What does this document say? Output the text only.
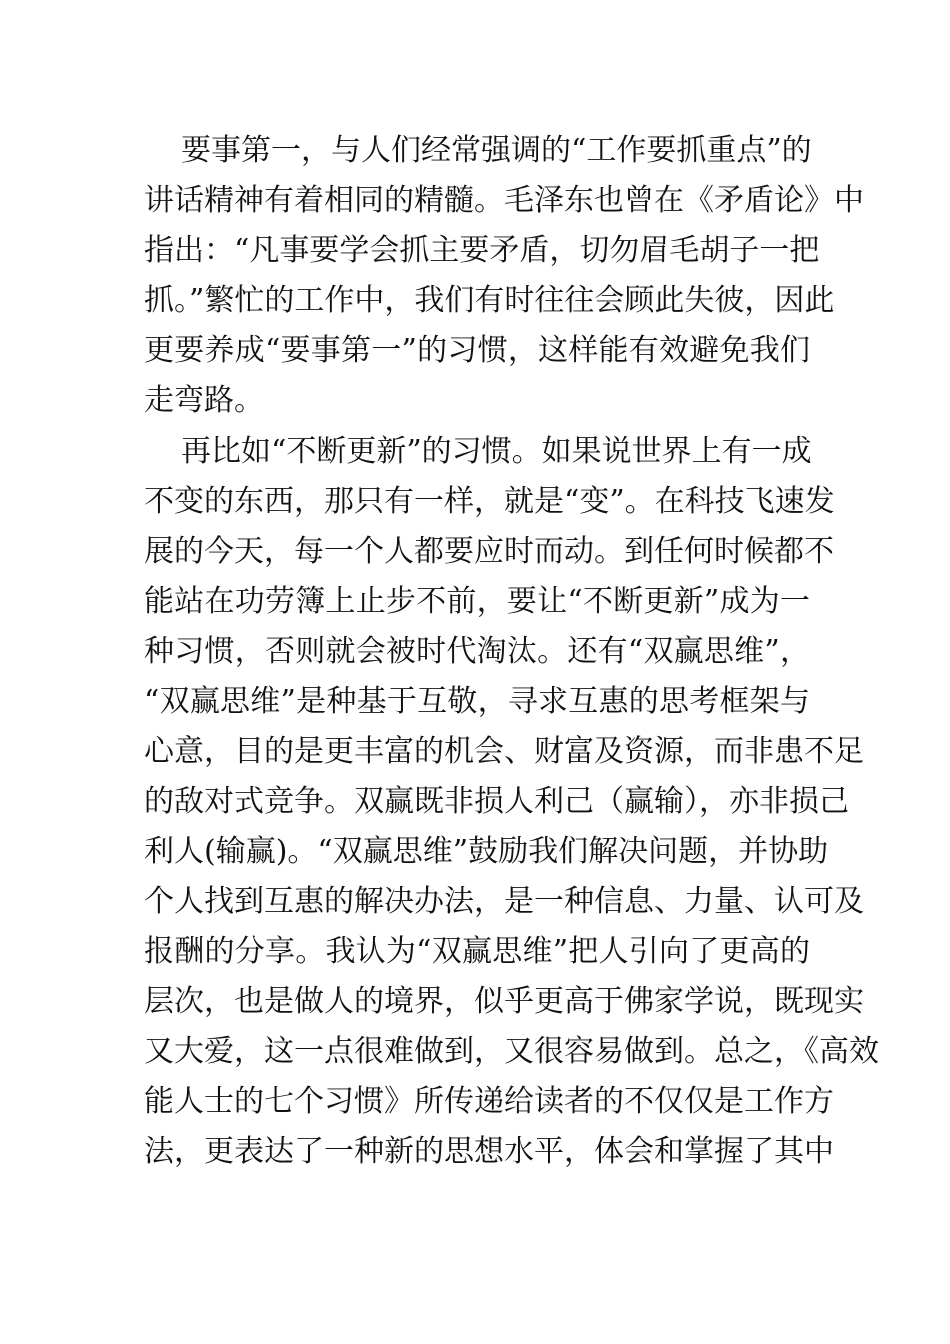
要事第一，与人们经常强调的“工作要抓重点”的
讲话精神有着相同的精髓。毛泽东也曾在《矛盾论》中
指出：“凡事要学会抓主要矛盾，切勿眉毛胡子一把
抓。”繁忙的工作中，我们有时往往会顾此失彼，因此
更要养成“要事第一”的习惯，这样能有效避免我们
走弯路。
再比如“不断更新”的习惯。如果说世界上有一成
不变的东西，那只有一样，就是“变”。在科技飞速发
展的今天，每一个人都要应时而动。到任何时候都不
能站在功劳簿上止步不前，要让“不断更新”成为一
种习惯，否则就会被时代淘汰。还有“双赢思维”，
“双赢思维”是种基于互敬，寻求互惠的思考框架与
心意，目的是更丰富的机会、财富及资源，而非患不足
的敌对式竞争。双赢既非损人利己（赢输），亦非损己
利人(输赢)。“双赢思维”鼓励我们解决问题，并协助
个人找到互惠的解决办法，是一种信息、力量、认可及
报酬的分享。我认为“双赢思维”把人引向了更高的
层次，也是做人的境界，似乎更高于佛家学说，既现实
又大爱，这一点很难做到，又很容易做到。总之，《高效
能人士的七个习惯》所传递给读者的不仅仅是工作方
法，更表达了一种新的思想水平，体会和掌握了其中
